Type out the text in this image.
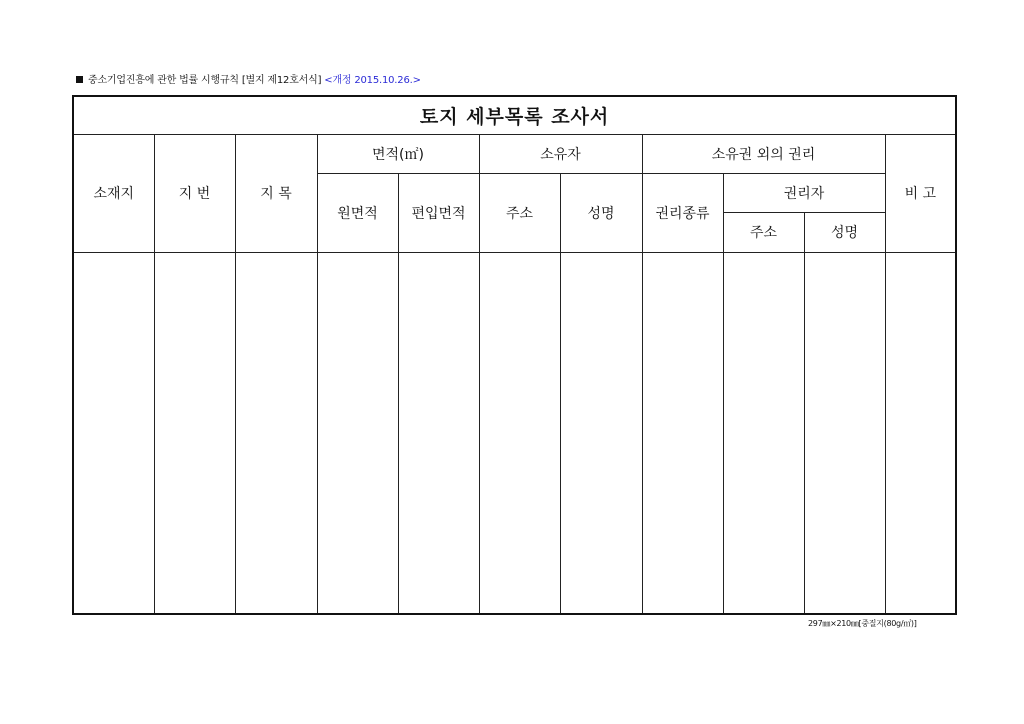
중소기업진흥에 관한 법률 시행규칙 [별지 제12호서식] <개정 2015.10.26.>
토지 세부목록 조사서										
소재지	지 번	지 목	면적(㎡)		소유자		소유권 외의 권리			비 고
			원면적	편입면적	주소	성명	권리종류	권리자		
								주소	성명	

297㎜×210㎜[중질지(80g/㎡)]
